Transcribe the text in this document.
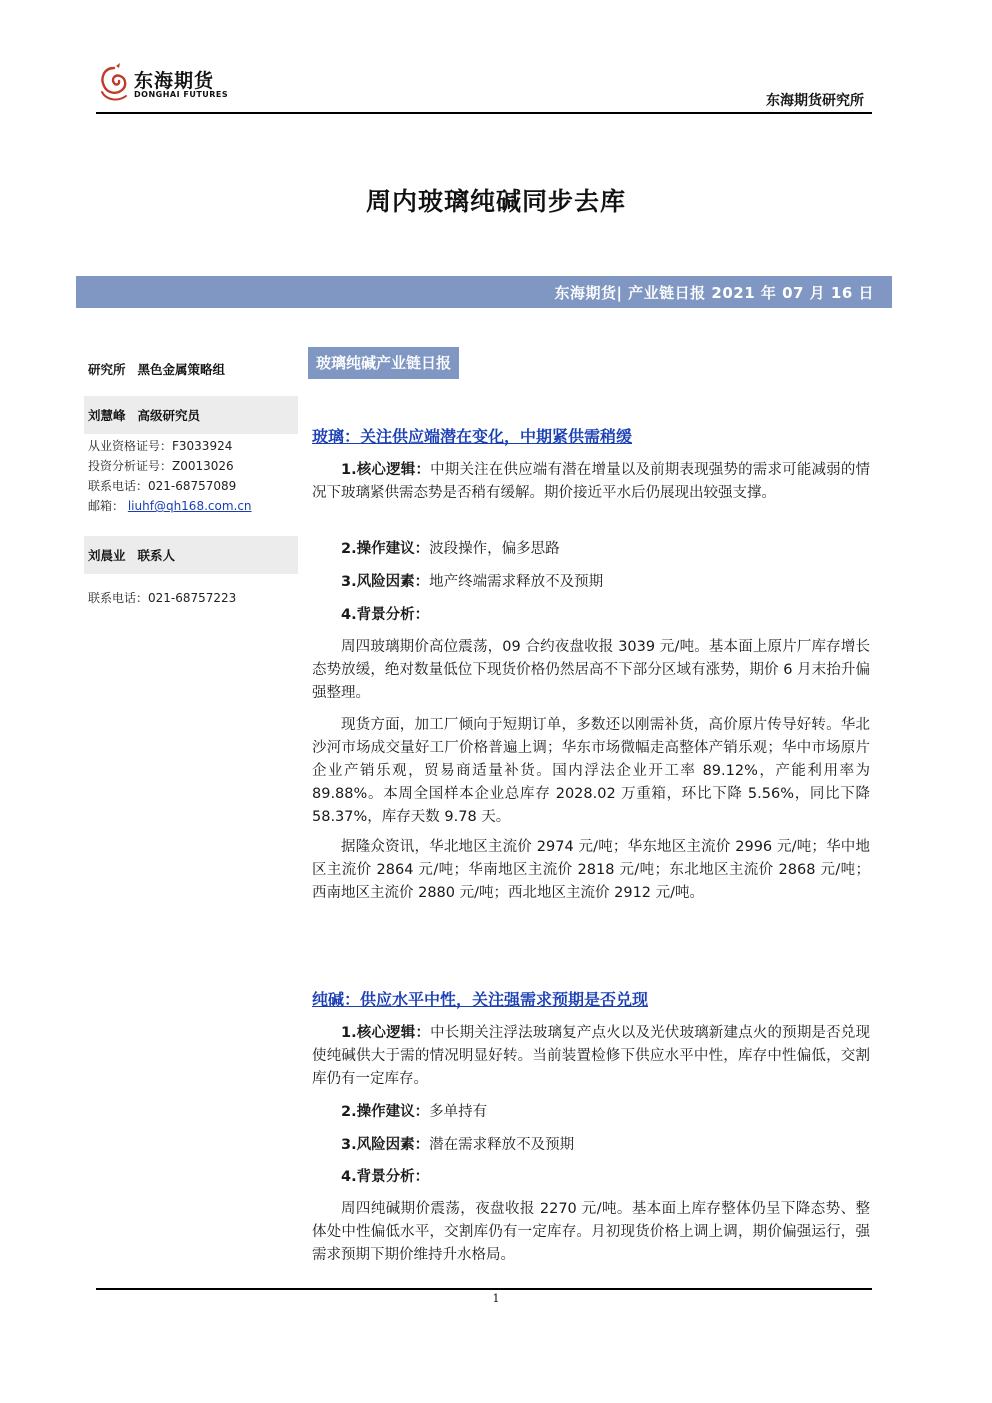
东海期货
DONGHAI FUTURES	东海期货研究所
周内玻璃纯碱同步去库
东海期货| 产业链日报 2021 年 07 月 16 日
研究所 黑色金属策略组
刘慧峰 高级研究员
从业资格证号：F3033924
投资分析证号：Z0013026
联系电话：021-68757089
邮箱： liuhf@qh168.com.cn
刘晨业 联系人
联系电话：021-68757223
玻璃纯碱产业链日报
玻璃：关注供应端潜在变化，中期紧供需稍缓
1.核心逻辑：中期关注在供应端有潜在增量以及前期表现强势的需求可能减弱的情况下玻璃紧供需态势是否稍有缓解。期价接近平水后仍展现出较强支撑。
2.操作建议：波段操作，偏多思路
3.风险因素：地产终端需求释放不及预期
4.背景分析：
周四玻璃期价高位震荡，09 合约夜盘收报 3039 元/吨。基本面上原片厂库存增长态势放缓，绝对数量低位下现货价格仍然居高不下部分区域有涨势，期价 6 月末抬升偏强整理。
现货方面，加工厂倾向于短期订单，多数还以刚需补货，高价原片传导好转。华北沙河市场成交量好工厂价格普遍上调；华东市场微幅走高整体产销乐观；华中市场原片企业产销乐观，贸易商适量补货。国内浮法企业开工率 89.12%，产能利用率为 89.88%。本周全国样本企业总库存 2028.02 万重箱，环比下降 5.56%，同比下降 58.37%，库存天数 9.78 天。
据隆众资讯，华北地区主流价 2974 元/吨；华东地区主流价 2996 元/吨；华中地区主流价 2864 元/吨；华南地区主流价 2818 元/吨；东北地区主流价 2868 元/吨；西南地区主流价 2880 元/吨；西北地区主流价 2912 元/吨。
纯碱：供应水平中性，关注强需求预期是否兑现
1.核心逻辑：中长期关注浮法玻璃复产点火以及光伏玻璃新建点火的预期是否兑现使纯碱供大于需的情况明显好转。当前装置检修下供应水平中性，库存中性偏低，交割库仍有一定库存。
2.操作建议：多单持有
3.风险因素：潜在需求释放不及预期
4.背景分析：
周四纯碱期价震荡，夜盘收报 2270 元/吨。基本面上库存整体仍呈下降态势、整体处中性偏低水平，交割库仍有一定库存。月初现货价格上调上调，期价偏强运行，强需求预期下期价维持升水格局。
1
